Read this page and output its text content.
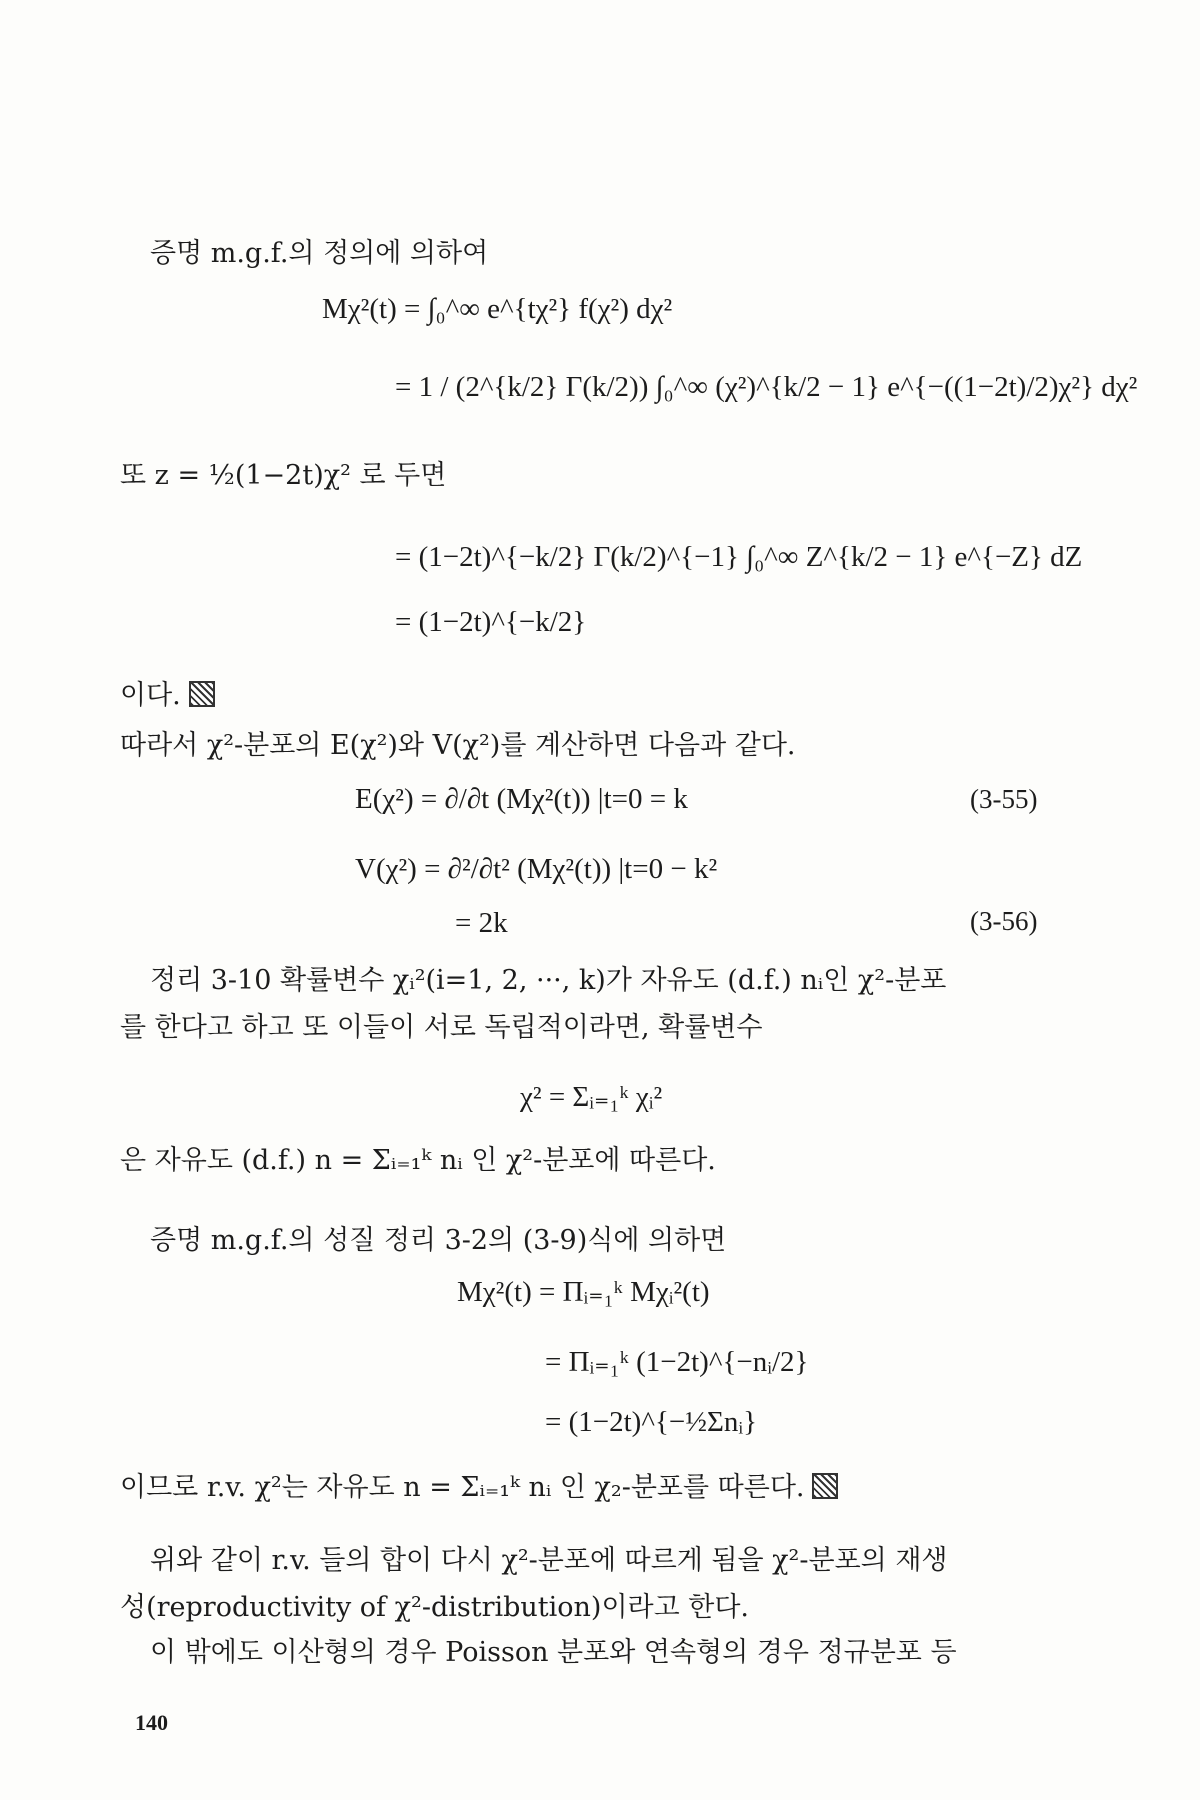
증명 m.g.f.의 정의에 의하여
Mχ²(t) = ∫₀^∞ e^{tχ²} f(χ²) dχ²
= 1 / (2^{k/2} Γ(k/2)) ∫₀^∞ (χ²)^{k/2 − 1} e^{−((1−2t)/2)χ²} dχ²
또 z = ½(1−2t)χ² 로 두면
= (1−2t)^{−k/2} Γ(k/2)^{−1} ∫₀^∞ Z^{k/2 − 1} e^{−Z} dZ
= (1−2t)^{−k/2}
이다.
따라서 χ²-분포의 E(χ²)와 V(χ²)를 계산하면 다음과 같다.
E(χ²) = ∂/∂t (Mχ²(t)) |t=0 = k	(3-55)
V(χ²) = ∂²/∂t² (Mχ²(t)) |t=0 − k²
= 2k	(3-56)
정리 3-10 확률변수 χᵢ²(i=1, 2, ···, k)가 자유도 (d.f.) nᵢ인 χ²-분포
를 한다고 하고 또 이들이 서로 독립적이라면, 확률변수
χ² = Σᵢ₌₁ᵏ χᵢ²
은 자유도 (d.f.) n = Σᵢ₌₁ᵏ nᵢ 인 χ²-분포에 따른다.
증명 m.g.f.의 성질 정리 3-2의 (3-9)식에 의하면
Mχ²(t) = Πᵢ₌₁ᵏ Mχᵢ²(t)
= Πᵢ₌₁ᵏ (1−2t)^{−nᵢ/2}
= (1−2t)^{−½Σnᵢ}
이므로 r.v. χ²는 자유도 n = Σᵢ₌₁ᵏ nᵢ 인 χ₂-분포를 따른다.
위와 같이 r.v. 들의 합이 다시 χ²-분포에 따르게 됨을 χ²-분포의 재생
성(reproductivity of χ²-distribution)이라고 한다.
이 밖에도 이산형의 경우 Poisson 분포와 연속형의 경우 정규분포 등
140
